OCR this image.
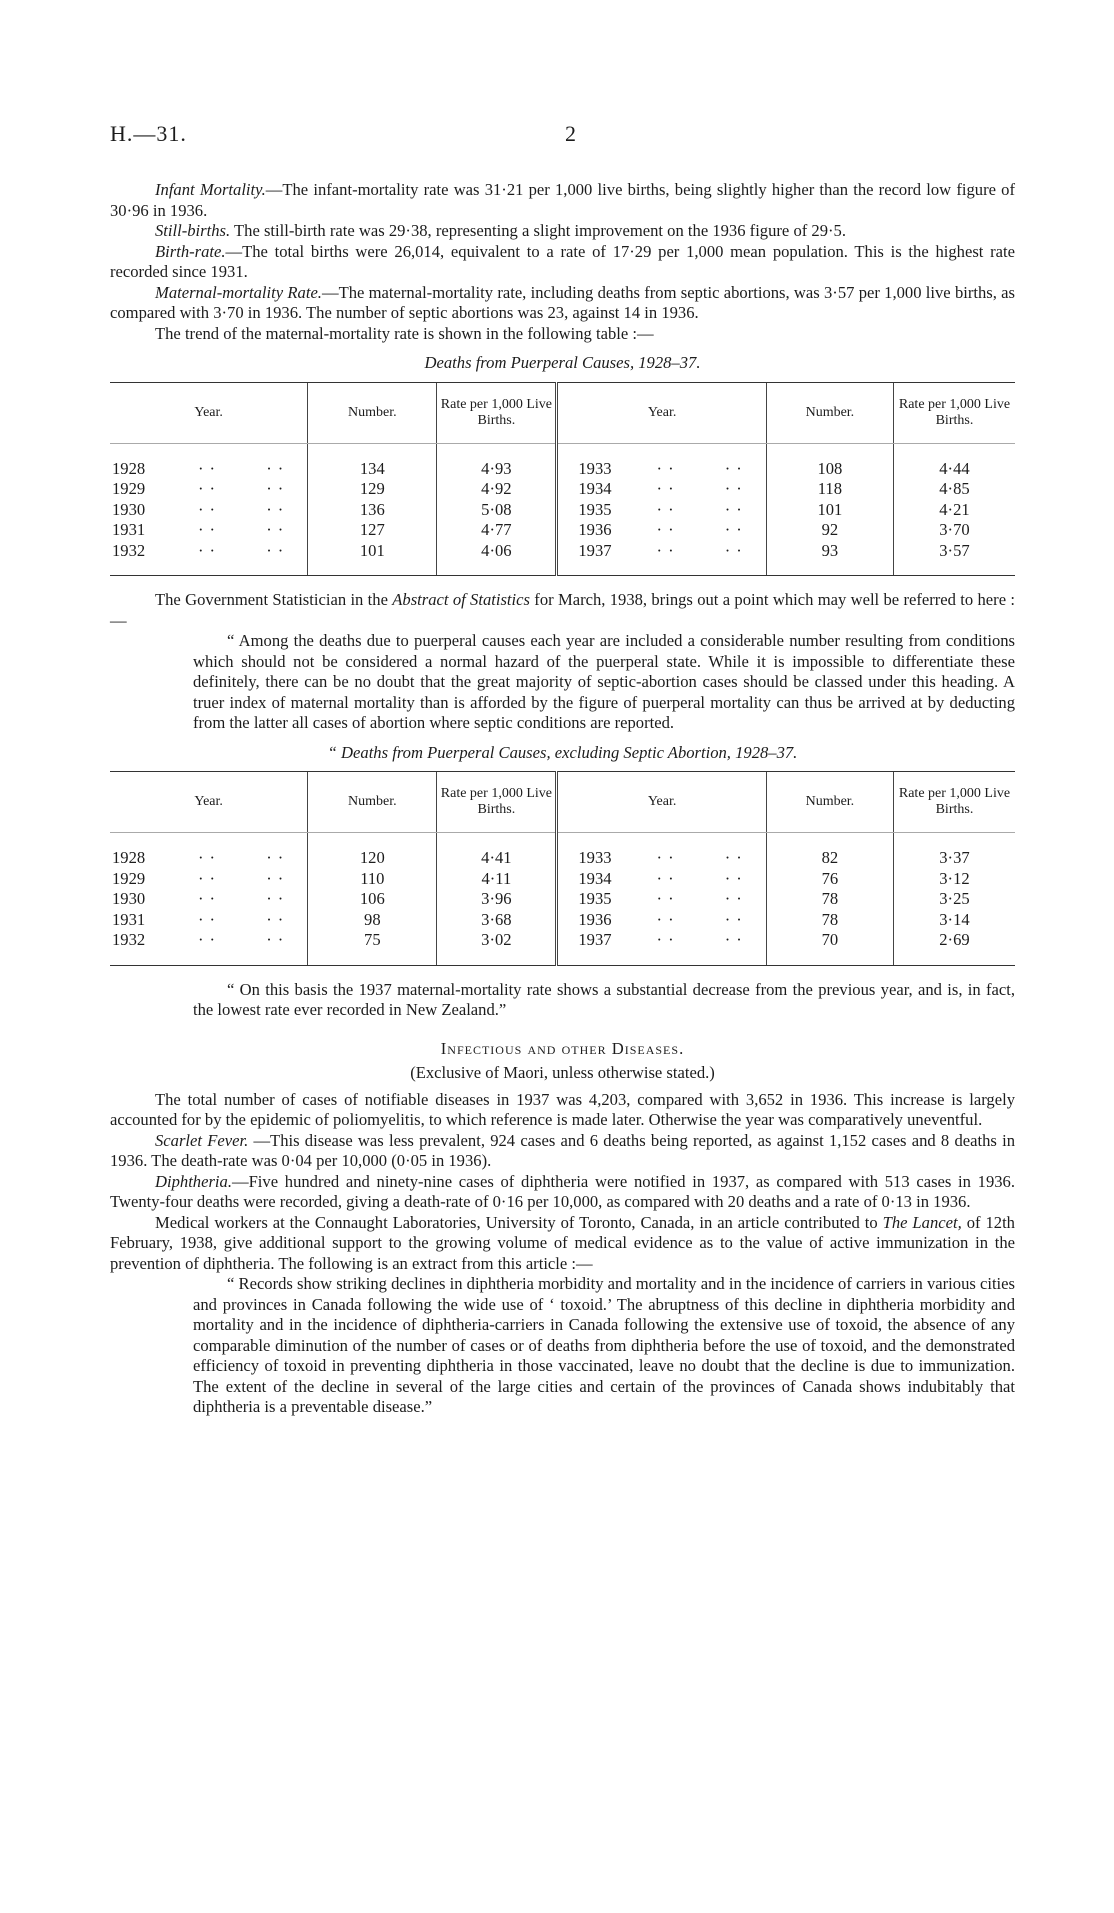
H.—31.	2

Infant Mortality.—The infant-mortality rate was 31·21 per 1,000 live births, being slightly higher than the record low figure of 30·96 in 1936.

Still-births. The still-birth rate was 29·38, representing a slight improvement on the 1936 figure of 29·5.

Birth-rate.—The total births were 26,014, equivalent to a rate of 17·29 per 1,000 mean population. This is the highest rate recorded since 1931.

Maternal-mortality Rate.—The maternal-mortality rate, including deaths from septic abortions, was 3·57 per 1,000 live births, as compared with 3·70 in 1936. The number of septic abortions was 23, against 14 in 1936.

The trend of the maternal-mortality rate is shown in the following table :—

Deaths from Puerperal Causes, 1928–37.
Year.	Number.	Rate per 1,000 Live Births.	Year.	Number.	Rate per 1,000 Live Births.

1928 ··  ··	134	4·93	1933 ··  ··	108	4·44

1929 ··  ··	129	4·92	1934 ··  ··	118	4·85

1930 ··  ··	136	5·08	1935 ··  ··	101	4·21

1931 ··  ··	127	4·77	1936 ··  ··	92	3·70

1932 ··  ··	101	4·06	1937 ··  ··	93	3·57

The Government Statistician in the Abstract of Statistics for March, 1938, brings out a point which may well be referred to here :—

“ Among the deaths due to puerperal causes each year are included a considerable number resulting from conditions which should not be considered a normal hazard of the puerperal state. While it is impossible to differentiate these definitely, there can be no doubt that the great majority of septic-abortion cases should be classed under this heading. A truer index of maternal mortality than is afforded by the figure of puerperal mortality can thus be arrived at by deducting from the latter all cases of abortion where septic conditions are reported.

“ Deaths from Puerperal Causes, excluding Septic Abortion, 1928–37.
Year.	Number.	Rate per 1,000 Live Births.	Year.	Number.	Rate per 1,000 Live Births.

1928 ··  ··	120	4·41	1933 ··  ··	82	3·37

1929 ··  ··	110	4·11	1934 ··  ··	76	3·12

1930 ··  ··	106	3·96	1935 ··  ··	78	3·25

1931 ··  ··	98	3·68	1936 ··  ··	78	3·14

1932 ··  ··	75	3·02	1937 ··  ··	70	2·69

“ On this basis the 1937 maternal-mortality rate shows a substantial decrease from the previous year, and is, in fact, the lowest rate ever recorded in New Zealand.”

Infectious and other Diseases.
(Exclusive of Maori, unless otherwise stated.)

The total number of cases of notifiable diseases in 1937 was 4,203, compared with 3,652 in 1936. This increase is largely accounted for by the epidemic of poliomyelitis, to which reference is made later. Otherwise the year was comparatively uneventful.

Scarlet Fever. —This disease was less prevalent, 924 cases and 6 deaths being reported, as against 1,152 cases and 8 deaths in 1936. The death-rate was 0·04 per 10,000 (0·05 in 1936).

Diphtheria.—Five hundred and ninety-nine cases of diphtheria were notified in 1937, as compared with 513 cases in 1936. Twenty-four deaths were recorded, giving a death-rate of 0·16 per 10,000, as compared with 20 deaths and a rate of 0·13 in 1936.

Medical workers at the Connaught Laboratories, University of Toronto, Canada, in an article contributed to The Lancet, of 12th February, 1938, give additional support to the growing volume of medical evidence as to the value of active immunization in the prevention of diphtheria. The following is an extract from this article :—

“ Records show striking declines in diphtheria morbidity and mortality and in the incidence of carriers in various cities and provinces in Canada following the wide use of ‘ toxoid.’ The abruptness of this decline in diphtheria morbidity and mortality and in the incidence of diphtheria-carriers in Canada following the extensive use of toxoid, the absence of any comparable diminution of the number of cases or of deaths from diphtheria before the use of toxoid, and the demonstrated efficiency of toxoid in preventing diphtheria in those vaccinated, leave no doubt that the decline is due to immunization. The extent of the decline in several of the large cities and certain of the provinces of Canada shows indubitably that diphtheria is a preventable disease.”
